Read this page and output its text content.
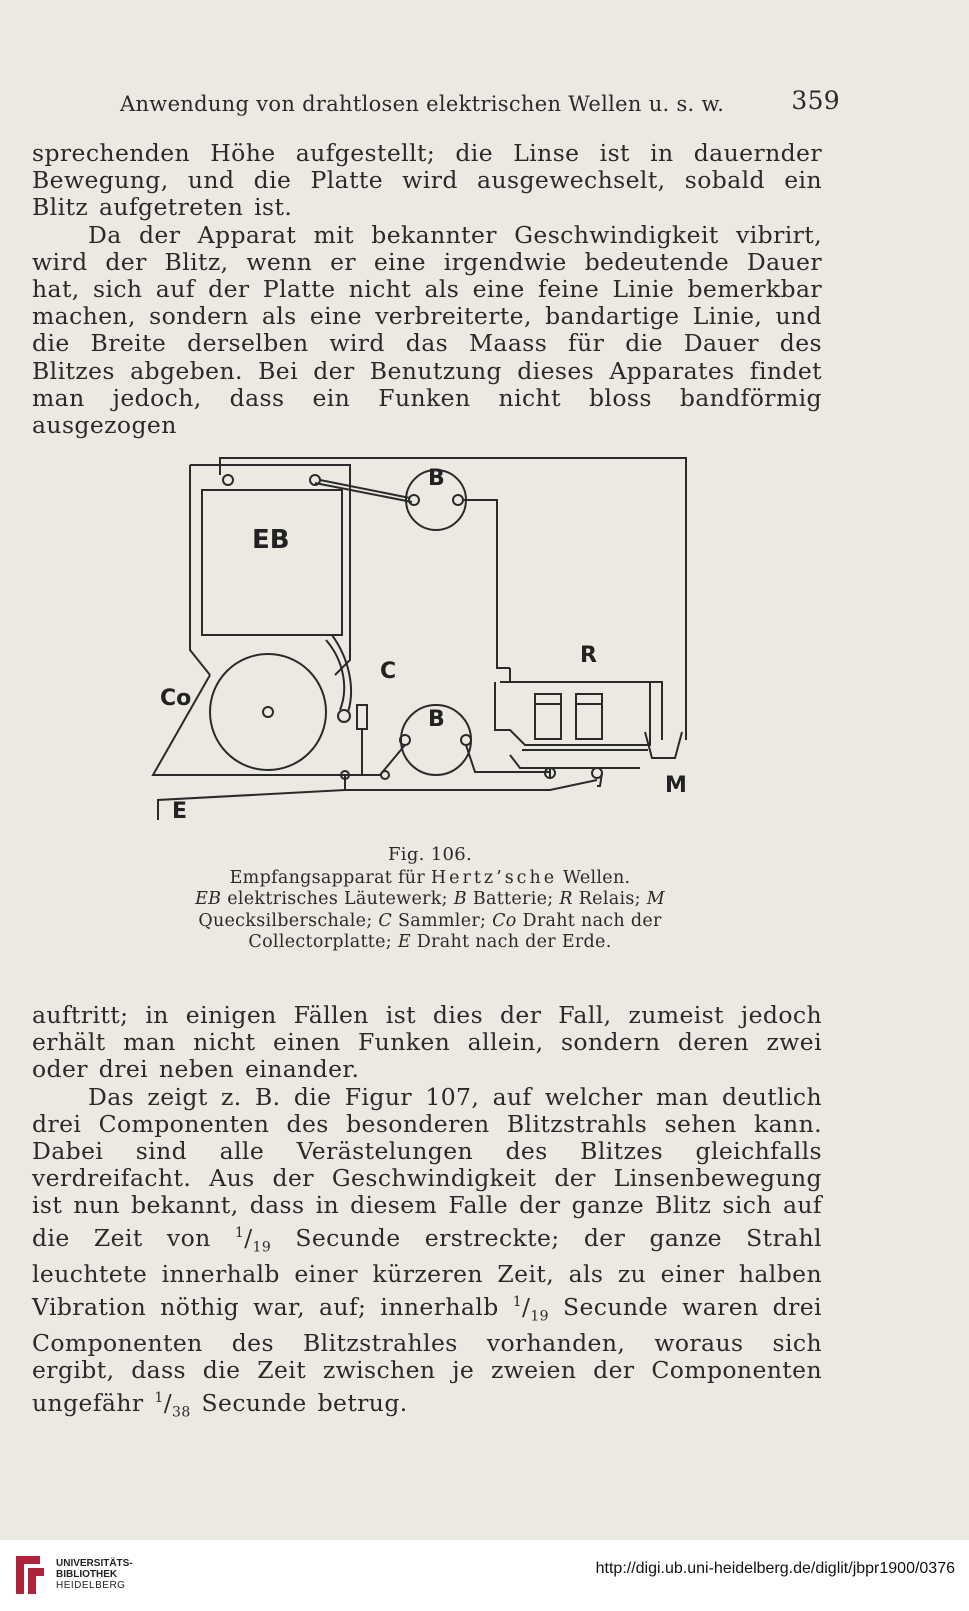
Anwendung von drahtlosen elektrischen Wellen u. s. w.	359

sprechenden Höhe aufgestellt; die Linse ist in dauernder Bewegung, und die Platte wird ausgewechselt, sobald ein Blitz aufgetreten ist.

Da der Apparat mit bekannter Geschwindigkeit vibrirt, wird der Blitz, wenn er eine irgendwie bedeutende Dauer hat, sich auf der Platte nicht als eine feine Linie bemerkbar machen, sondern als eine verbreiterte, bandartige Linie, und die Breite derselben wird das Maass für die Dauer des Blitzes abgeben. Bei der Benutzung dieses Apparates findet man jedoch, dass ein Funken nicht bloss bandförmig ausgezogen

EB
B
B
R
C
Co
M
E
Fig. 106.
Empfangsapparat für Hertz’sche Wellen.
EB elektrisches Läutewerk; B Batterie; R Relais; M Quecksilberschale; C Sammler; Co Draht nach der Collectorplatte; E Draht nach der Erde.

auftritt; in einigen Fällen ist dies der Fall, zumeist jedoch erhält man nicht einen Funken allein, sondern deren zwei oder drei neben einander.

Das zeigt z. B. die Figur 107, auf welcher man deutlich drei Componenten des besonderen Blitzstrahls sehen kann. Dabei sind alle Verästelungen des Blitzes gleichfalls verdreifacht. Aus der Geschwindigkeit der Linsenbewegung ist nun bekannt, dass in diesem Falle der ganze Blitz sich auf die Zeit von $^1/_{19}$ Secunde erstreckte; der ganze Strahl leuchtete innerhalb einer kürzeren Zeit, als zu einer halben Vibration nöthig war, auf; innerhalb $^1/_{19}$ Secunde waren drei Componenten des Blitzstrahles vorhanden, woraus sich ergibt, dass die Zeit zwischen je zweien der Componenten ungefähr $^1/_{38}$ Secunde betrug.

UNIVERSITÄTS-
BIBLIOTHEK
HEIDELBERG
http://digi.ub.uni-heidelberg.de/diglit/jbpr1900/0376
